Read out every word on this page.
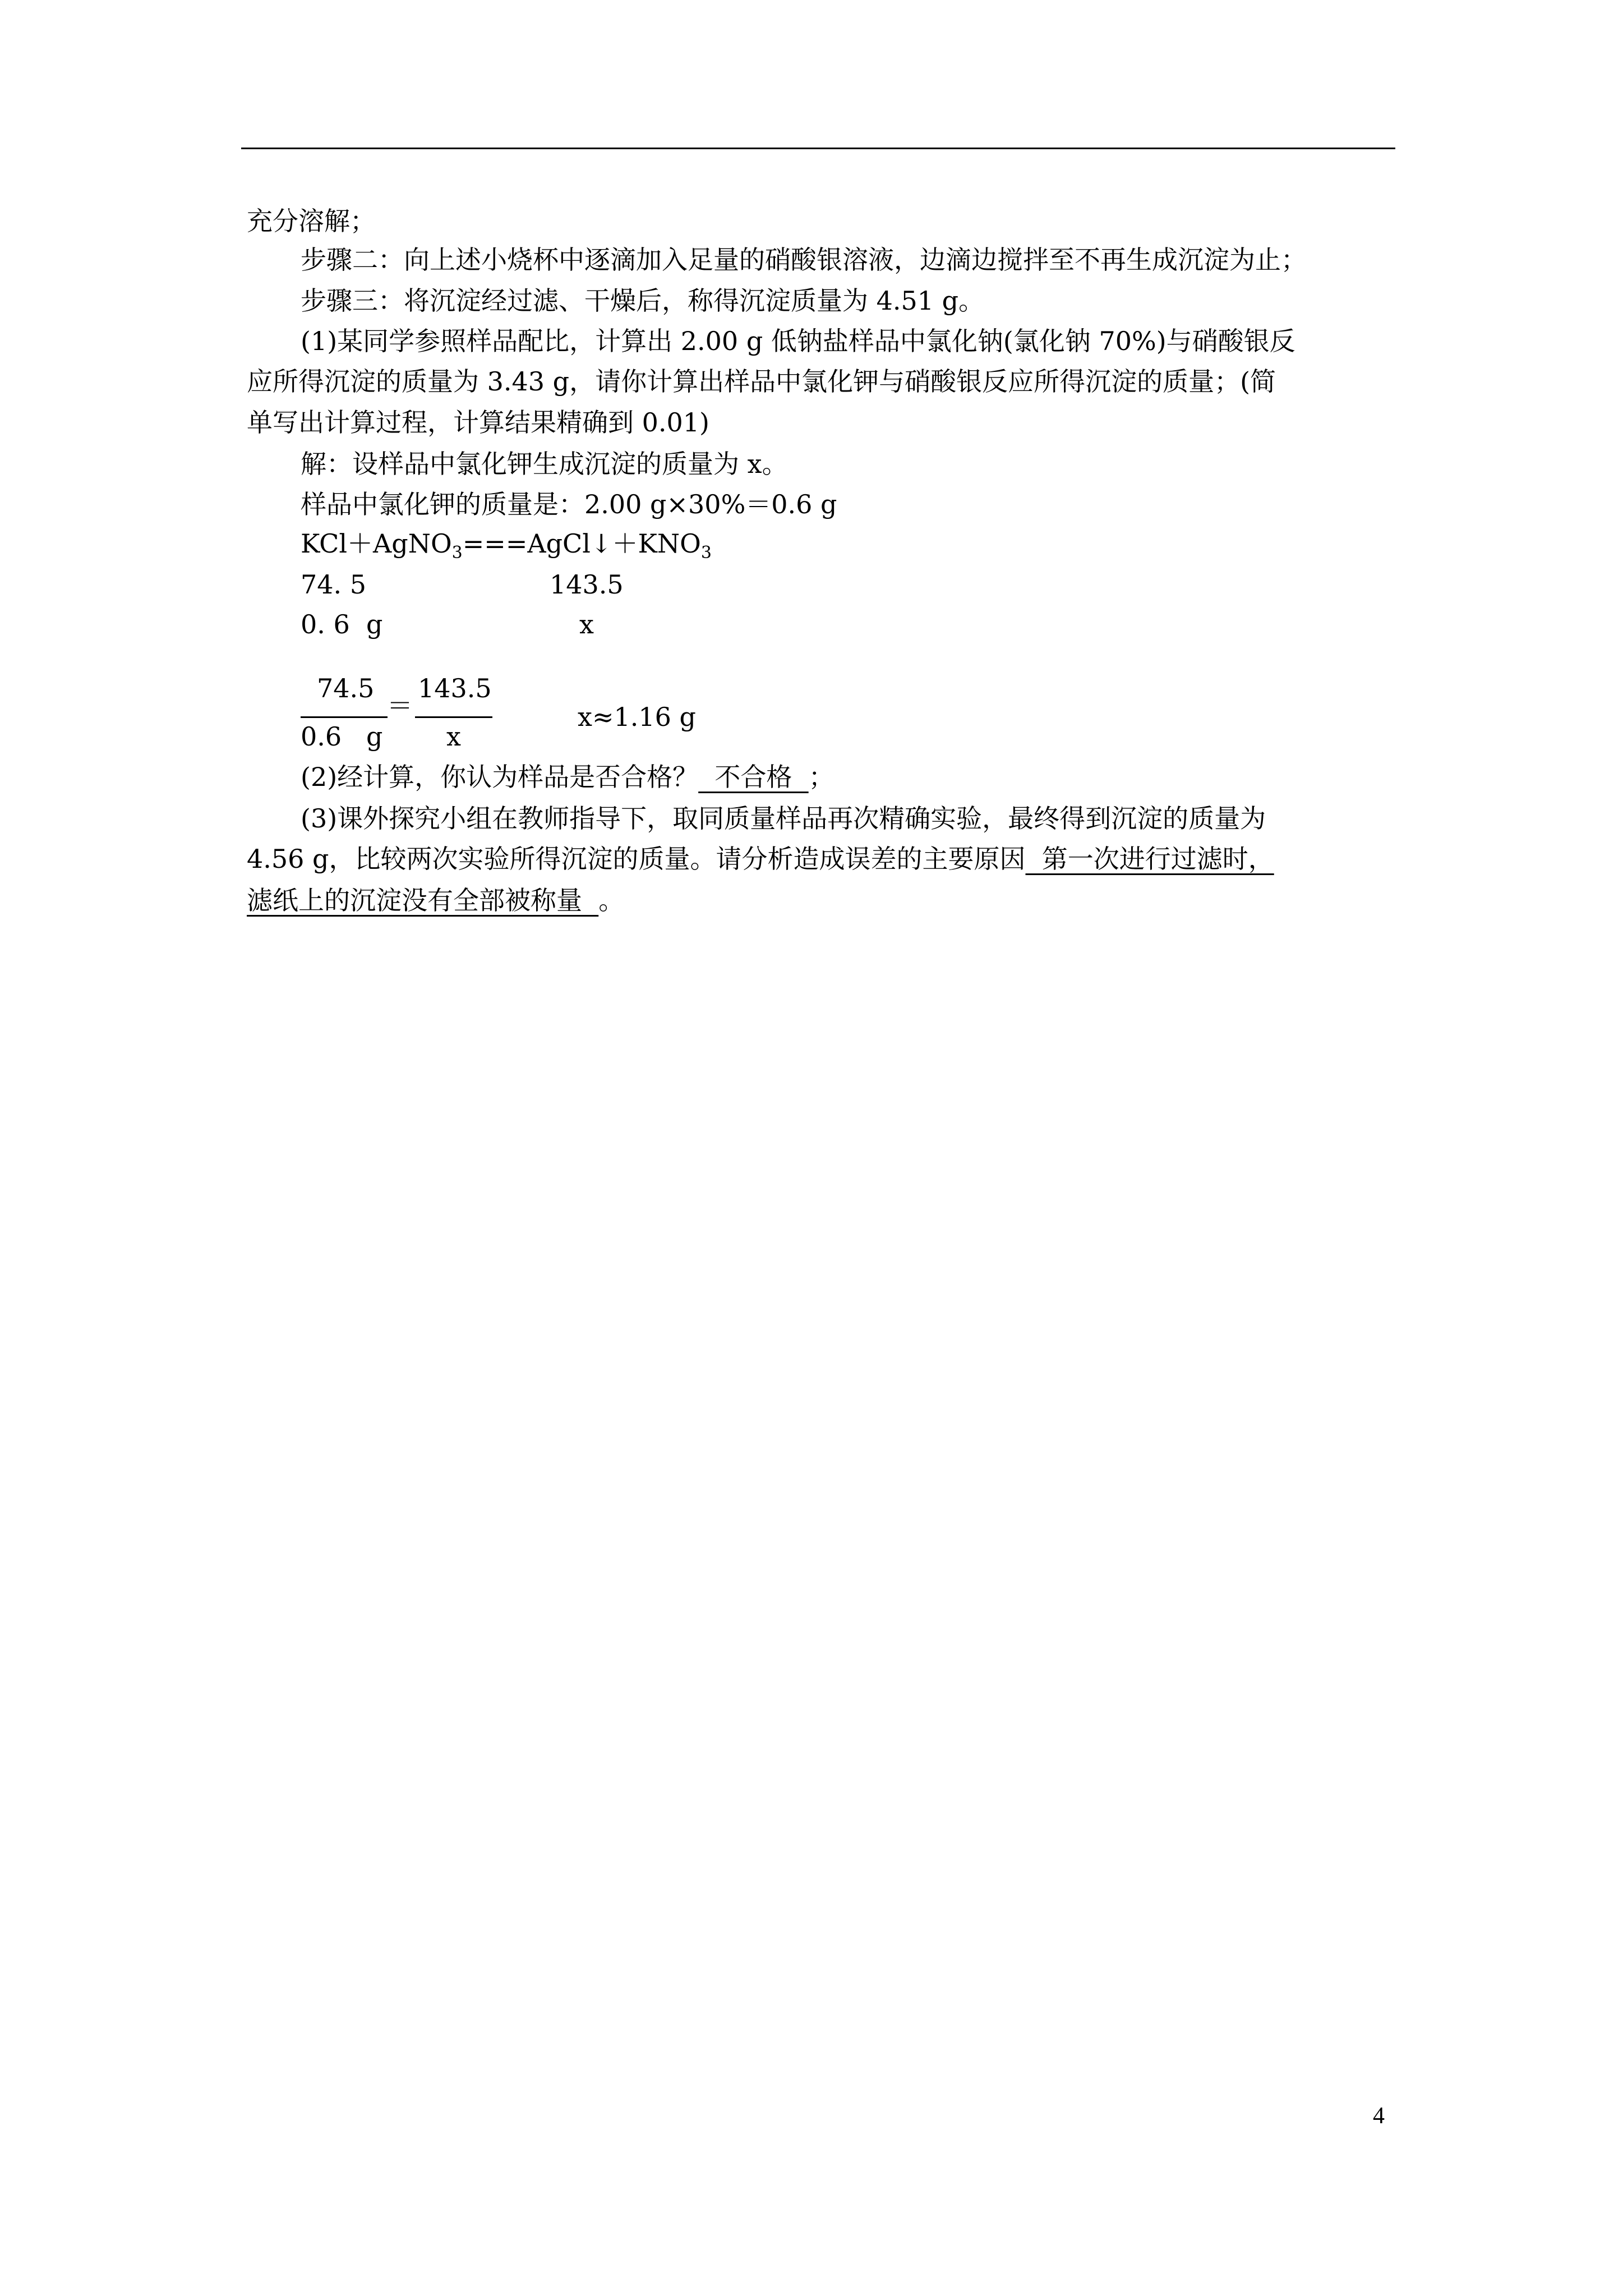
充分溶解；
步骤二：向上述小烧杯中逐滴加入足量的硝酸银溶液，边滴边搅拌至不再生成沉淀为止；
步骤三：将沉淀经过滤、干燥后，称得沉淀质量为 4.51 g。
(1)某同学参照样品配比，计算出 2.00 g 低钠盐样品中氯化钠(氯化钠 70%)与硝酸银反
应所得沉淀的质量为 3.43 g，请你计算出样品中氯化钾与硝酸银反应所得沉淀的质量；(简
单写出计算过程，计算结果精确到 0.01)
解：设样品中氯化钾生成沉淀的质量为 x。
样品中氯化钾的质量是：2.00 g×30%＝0.6 g
$KCl+AgNO_3===AgCl↓+KNO_3$
74. 5	143.5
0. 6  g	x
74.5
0.6   g
＝
143.5
x
x≈1.16 g
(2)经计算，你认为样品是否合格？  不合格  ；
(3)课外探究小组在教师指导下，取同质量样品再次精确实验，最终得到沉淀的质量为
4.56 g，比较两次实验所得沉淀的质量。请分析造成误差的主要原因  第一次进行过滤时，
滤纸上的沉淀没有全部被称量  。
4
